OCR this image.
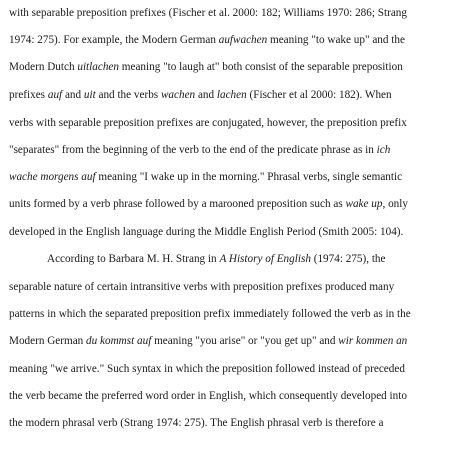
with separable preposition prefixes (Fischer et al. 2000: 182; Williams 1970: 286; Strang
1974: 275). For example, the Modern German aufwachen meaning "to wake up" and the
Modern Dutch uitlachen meaning "to laugh at" both consist of the separable preposition
prefixes auf and uit and the verbs wachen and lachen (Fischer et al 2000: 182). When
verbs with separable preposition prefixes are conjugated, however, the preposition prefix
"separates" from the beginning of the verb to the end of the predicate phrase as in ich
wache morgens auf meaning "I wake up in the morning." Phrasal verbs, single semantic
units formed by a verb phrase followed by a marooned preposition such as wake up, only
developed in the English language during the Middle English Period (Smith 2005: 104).
According to Barbara M. H. Strang in A History of English (1974: 275), the
separable nature of certain intransitive verbs with preposition prefixes produced many
patterns in which the separated preposition prefix immediately followed the verb as in the
Modern German du kommst auf meaning "you arise" or "you get up" and wir kommen an
meaning "we arrive." Such syntax in which the preposition followed instead of preceded
the verb became the preferred word order in English, which consequently developed into
the modern phrasal verb (Strang 1974: 275). The English phrasal verb is therefore a
